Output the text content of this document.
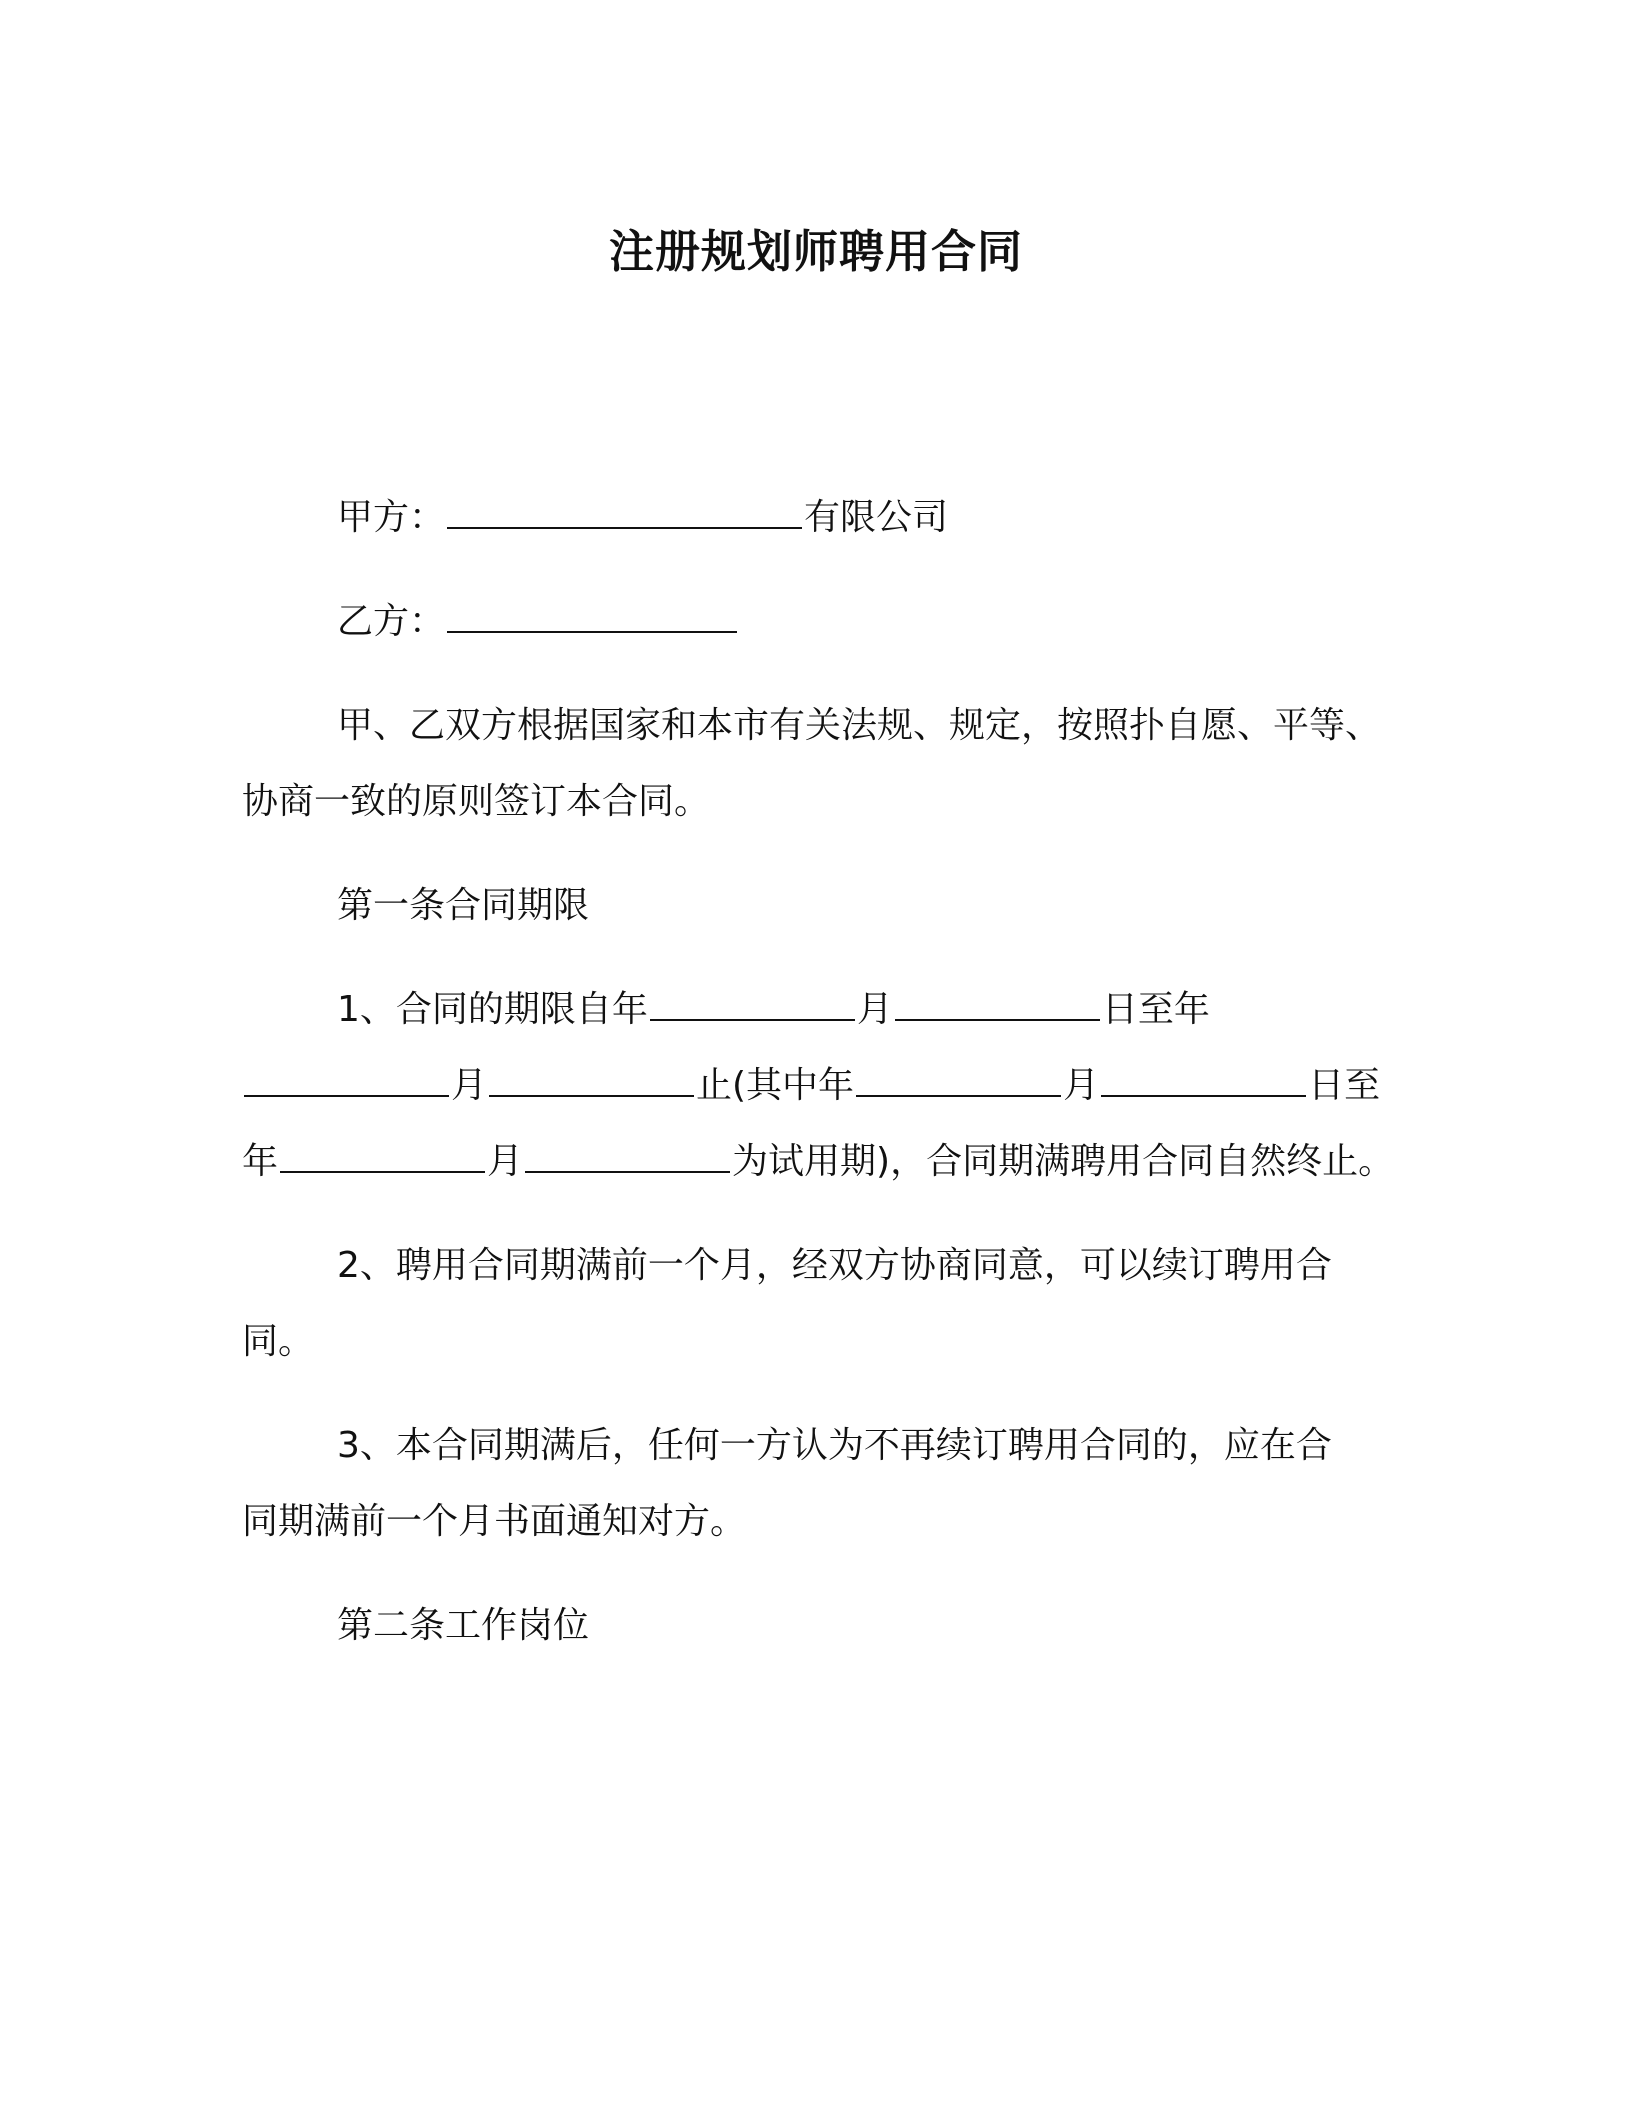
注册规划师聘用合同
甲方：	有限公司
乙方：
甲、乙双方根据国家和本市有关法规、规定，按照扑自愿、平等、
协商一致的原则签订本合同。
第一条合同期限
1、合同的期限自年	月	日至年
月	止(其中年	月	日至
年	月	为试用期)，合同期满聘用合同自然终止。
2、聘用合同期满前一个月，经双方协商同意，可以续订聘用合
同。
3、本合同期满后，任何一方认为不再续订聘用合同的，应在合
同期满前一个月书面通知对方。
第二条工作岗位
